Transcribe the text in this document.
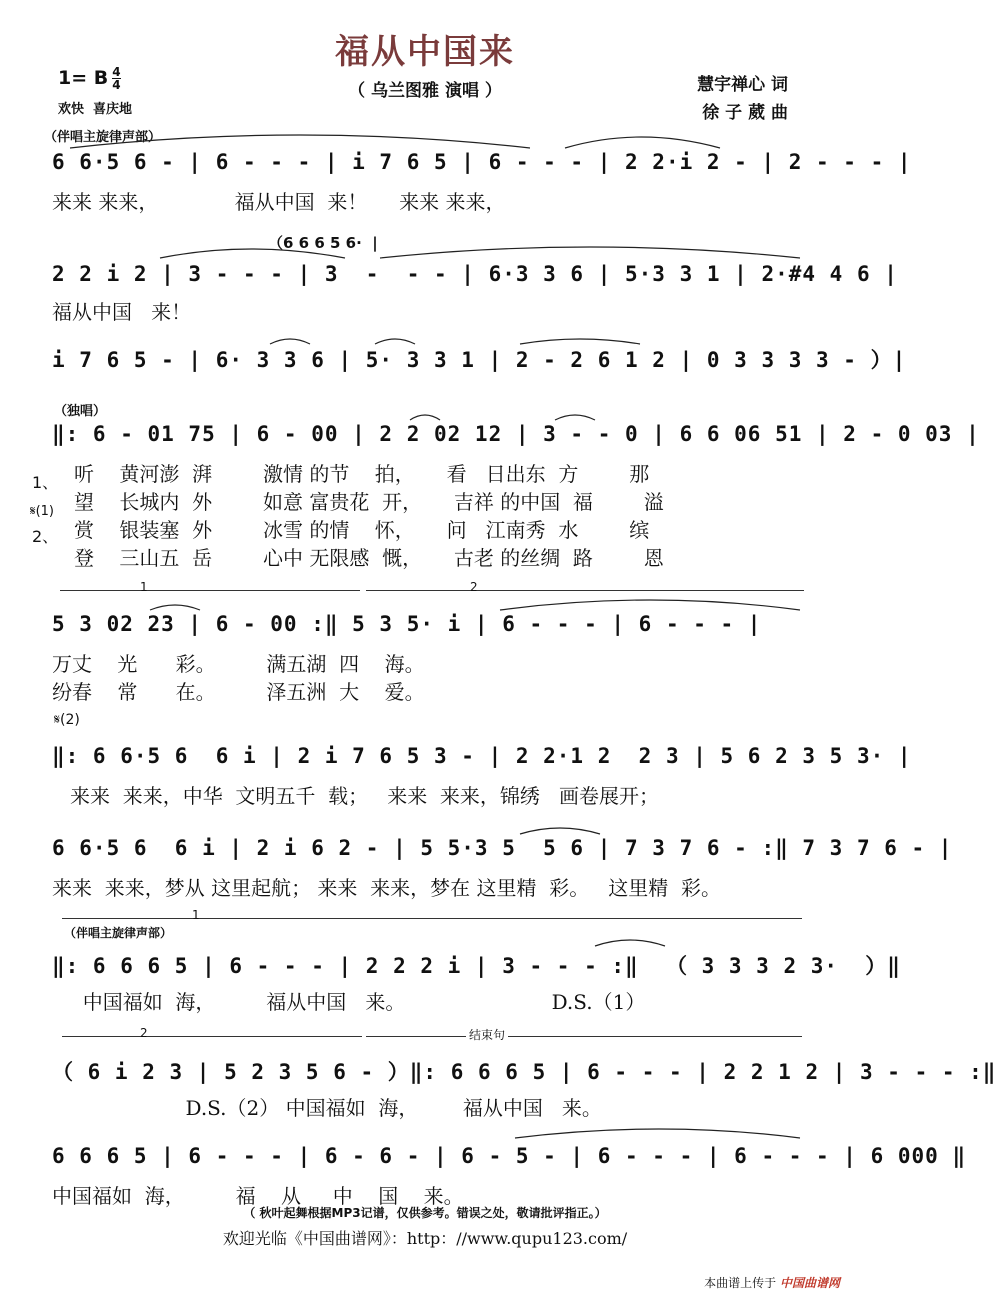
福从中国来
（ 乌兰图雅 演唱 ）
1= B $\frac{4}{4}$
欢快  喜庆地
慧宇禅心 词
徐 子 葳 曲
（伴唱主旋律声部）
6 6·5 6 - | 6 - - - | i 7 6 5 | 6 - - - | 2 2·i 2 - | 2 - - - |
来来 来来，            福从中国  来！     来来 来来，
（6 6 6 5 6·  |
2 2 i 2 | 3 - - - | 3  -  - - | 6·3 3 6 | 5·3 3 1 | 2·#4 4 6 |
福从中国   来！
i 7 6 5 - | 6· 3 3 6 | 5· 3 3 1 | 2 - 2 6 1 2 | 0 3 3 3 3 - ）|
（独唱）
‖: 6 - 01 75 | 6 - 00 | 2 2 02 12 | 3 - - 0 | 6 6 06 51 | 2 - 0 03 |
听    黄河澎  湃        激情 的节    拍，     看   日出东  方        那
望    长城内  外        如意 富贵花  开，     吉祥 的中国  福        溢
赏    银装塞  外        冰雪 的情    怀，     问   江南秀  水        缤
登    三山五  岳        心中 无限感  慨，     古老 的丝绸  路        恩
1、
𝄋(1)
2、
1	2
5 3 02 23 | 6 - 00 :‖ 5 3 5· i | 6 - - - | 6 - - - |
万丈    光      彩。        满五湖  四    海。
纷春    常      在。        泽五洲  大    爱。
𝄋(2)
‖: 6 6·5 6  6 i | 2 i 7 6 5 3 - | 2 2·1 2  2 3 | 5 6 2 3 5 3· |
来来  来来，中华  文明五千  载；   来来  来来，锦绣   画卷展开；
6 6·5 6  6 i | 2 i 6 2 - | 5 5·3 5  5 6 | 7 3 7 6 - :‖ 7 3 7 6 - |
来来  来来，梦从 这里起航； 来来  来来，梦在 这里精  彩。   这里精  彩。
1
（伴唱主旋律声部）
‖: 6 6 6 5 | 6 - - - | 2 2 2 i | 3 - - - :‖  （ 3 3 3 2 3·  ）‖
中国福如  海，        福从中国   来。                       D.S.（1）
2	结束句
（ 6 i 2 3 | 5 2 3 5 6 - ）‖: 6 6 6 5 | 6 - - - | 2 2 1 2 | 3 - - - :‖
D.S.（2） 中国福如  海，       福从中国   来。
6 6 6 5 | 6 - - - | 6 - 6 - | 6 - 5 - | 6 - - - | 6 - - - | 6 000 ‖
中国福如  海，        福    从     中    国    来。
（ 秋叶起舞根据MP3记谱，仅供参考。错误之处，敬请批评指正。）
欢迎光临《中国曲谱网》：http：//www.qupu123.com/
本曲谱上传于 中国曲谱网
